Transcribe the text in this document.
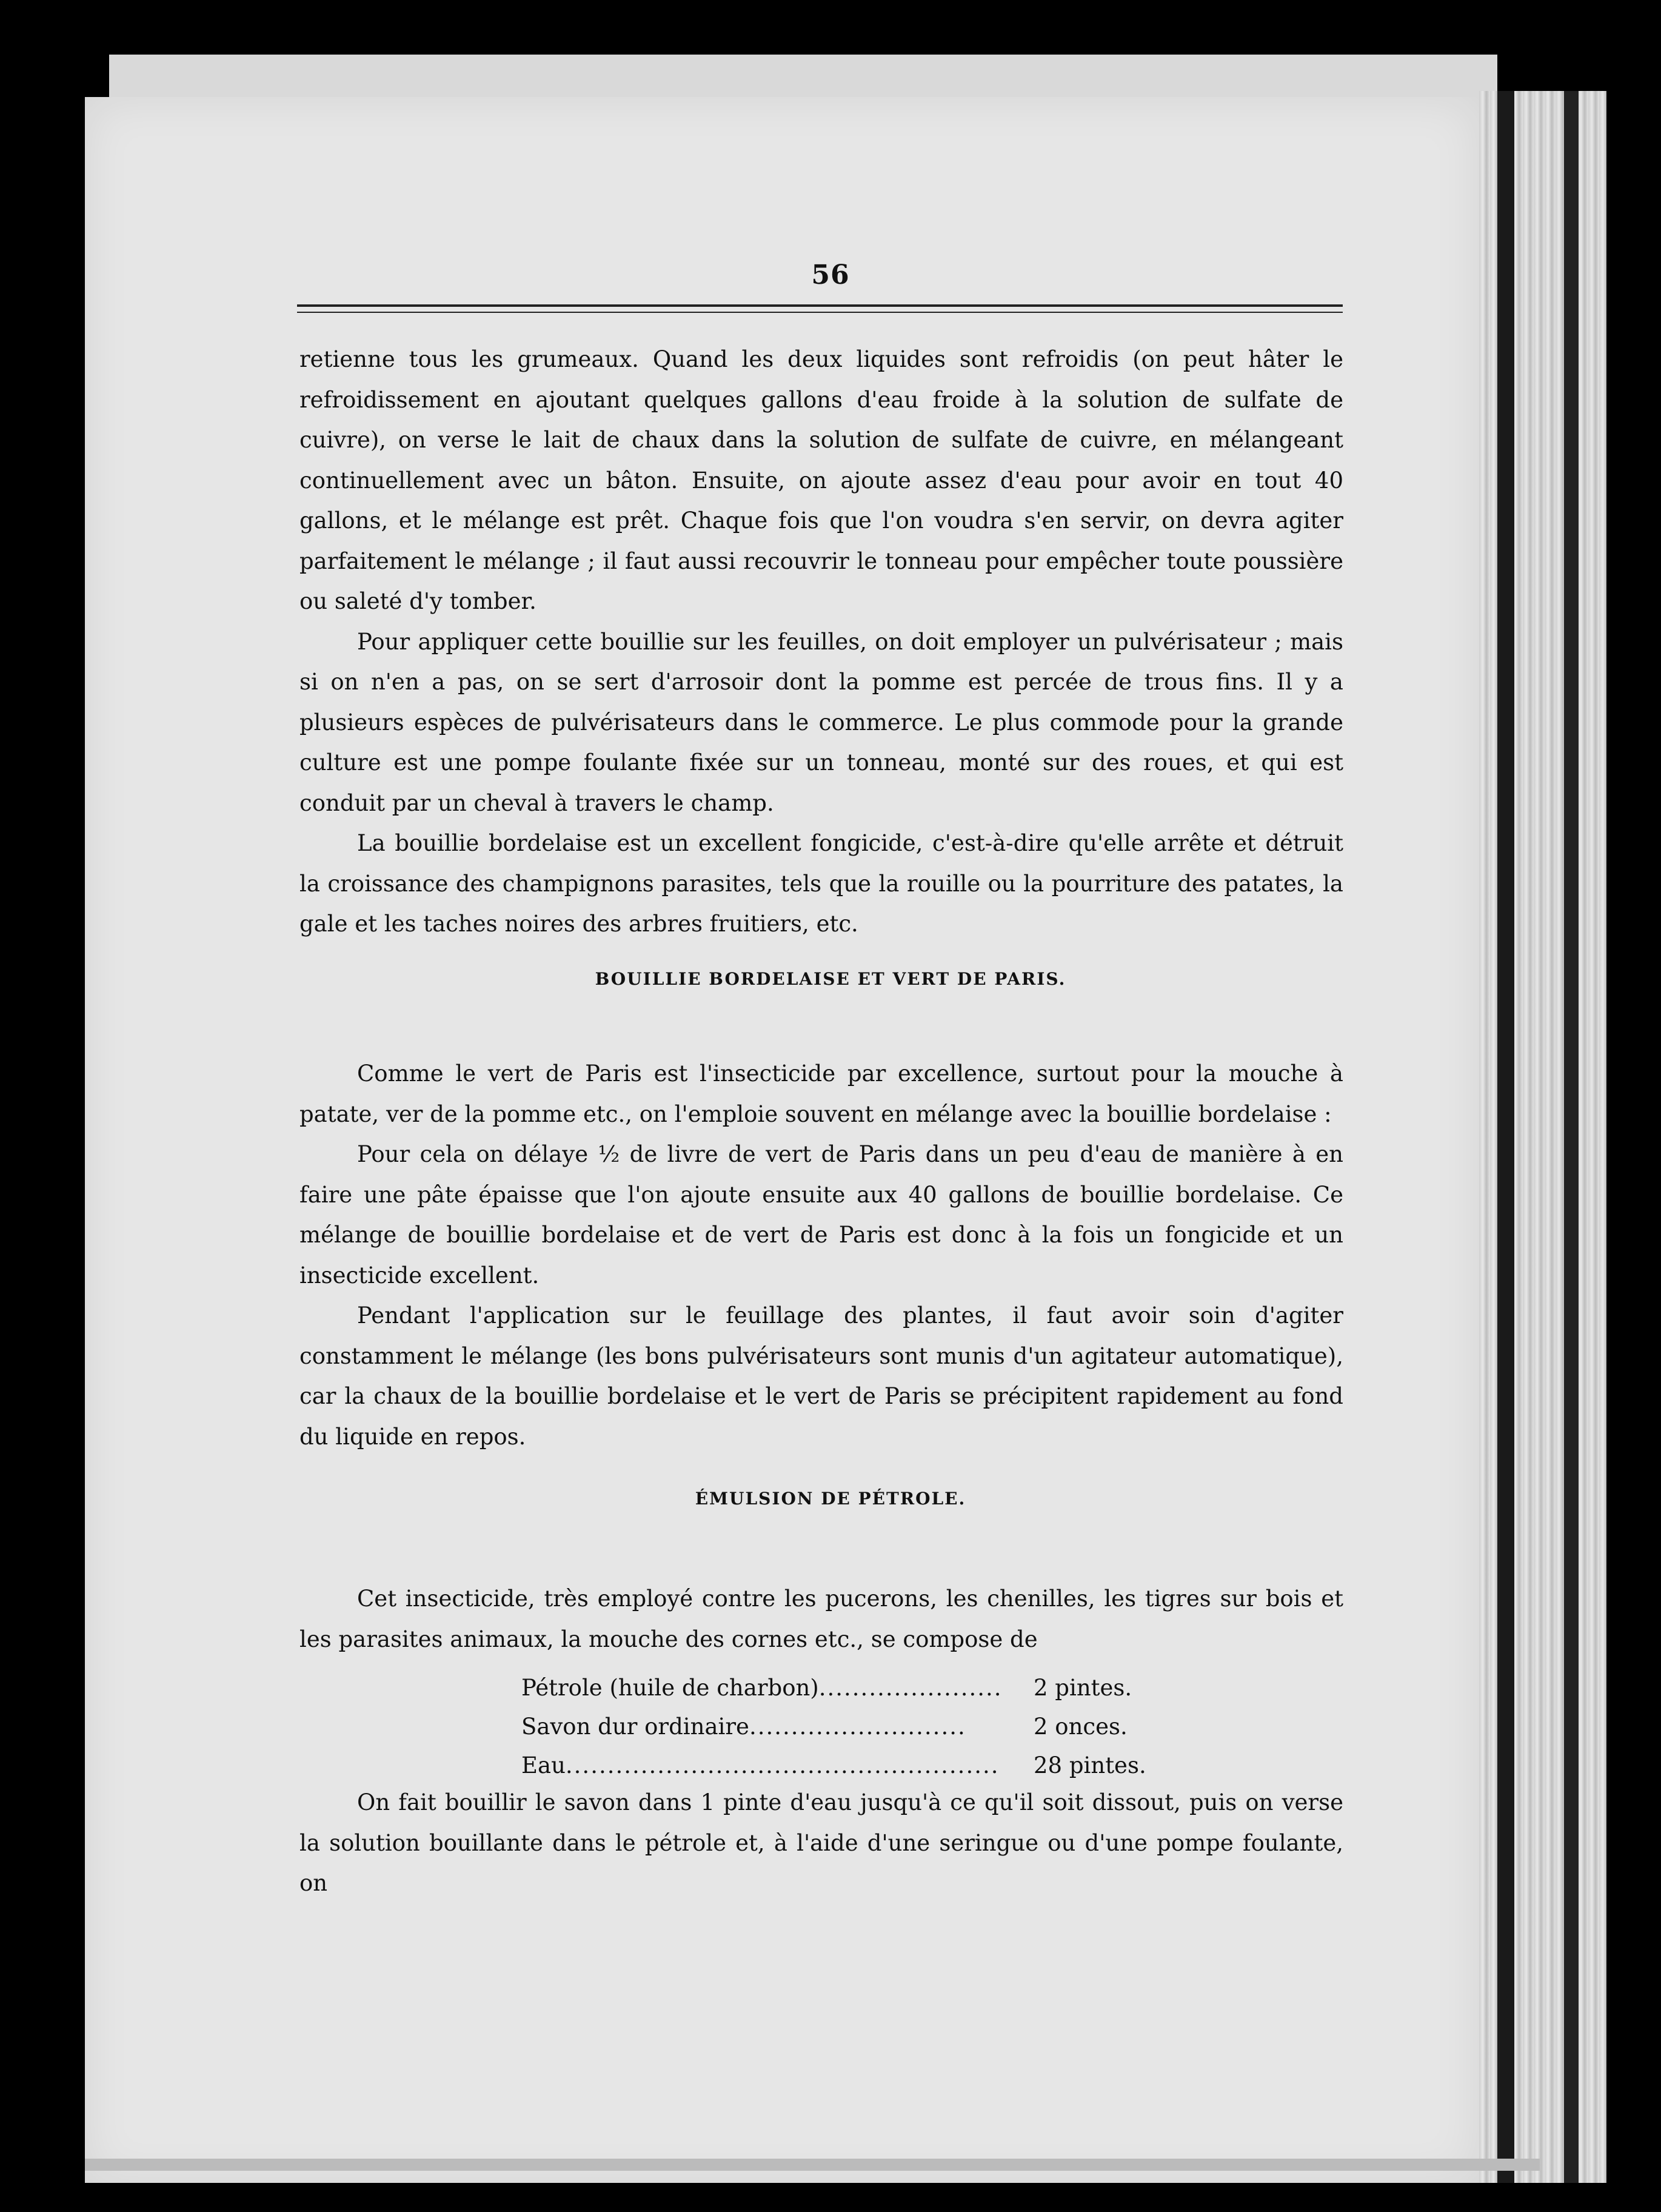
56

retienne tous les grumeaux. Quand les deux liquides sont refroidis (on peut hâter le refroidissement en ajoutant quelques gallons d'eau froide à la solution de sulfate de cuivre), on verse le lait de chaux dans la solution de sulfate de cuivre, en mélangeant continuellement avec un bâton. Ensuite, on ajoute assez d'eau pour avoir en tout 40 gallons, et le mélange est prêt. Chaque fois que l'on voudra s'en servir, on devra agiter parfaitement le mélange ; il faut aussi recouvrir le tonneau pour empêcher toute poussière ou saleté d'y tomber.

Pour appliquer cette bouillie sur les feuilles, on doit employer un pulvérisateur ; mais si on n'en a pas, on se sert d'arrosoir dont la pomme est percée de trous fins. Il y a plusieurs espèces de pulvérisateurs dans le commerce. Le plus commode pour la grande culture est une pompe foulante fixée sur un tonneau, monté sur des roues, et qui est conduit par un cheval à travers le champ.

La bouillie bordelaise est un excellent fongicide, c'est-à-dire qu'elle arrête et détruit la croissance des champignons parasites, tels que la rouille ou la pourriture des patates, la gale et les taches noires des arbres fruitiers, etc.

BOUILLIE BORDELAISE ET VERT DE PARIS.

Comme le vert de Paris est l'insecticide par excellence, surtout pour la mouche à patate, ver de la pomme etc., on l'emploie souvent en mélange avec la bouillie bordelaise :

Pour cela on délaye ½ de livre de vert de Paris dans un peu d'eau de manière à en faire une pâte épaisse que l'on ajoute ensuite aux 40 gallons de bouillie bordelaise. Ce mélange de bouillie bordelaise et de vert de Paris est donc à la fois un fongicide et un insecticide excellent.

Pendant l'application sur le feuillage des plantes, il faut avoir soin d'agiter constamment le mélange (les bons pulvérisateurs sont munis d'un agitateur automatique), car la chaux de la bouillie bordelaise et le vert de Paris se précipitent rapidement au fond du liquide en repos.

ÉMULSION DE PÉTROLE.

Cet insecticide, très employé contre les pucerons, les chenilles, les tigres sur bois et les parasites animaux, la mouche des cornes etc., se compose de

Pétrole (huile de charbon)...................... 2 pintes.
Savon dur ordinaire..........................	2 onces.
Eau.................................................... 28 pintes.

On fait bouillir le savon dans 1 pinte d'eau jusqu'à ce qu'il soit dissout, puis on verse la solution bouillante dans le pétrole et, à l'aide d'une seringue ou d'une pompe foulante, on
